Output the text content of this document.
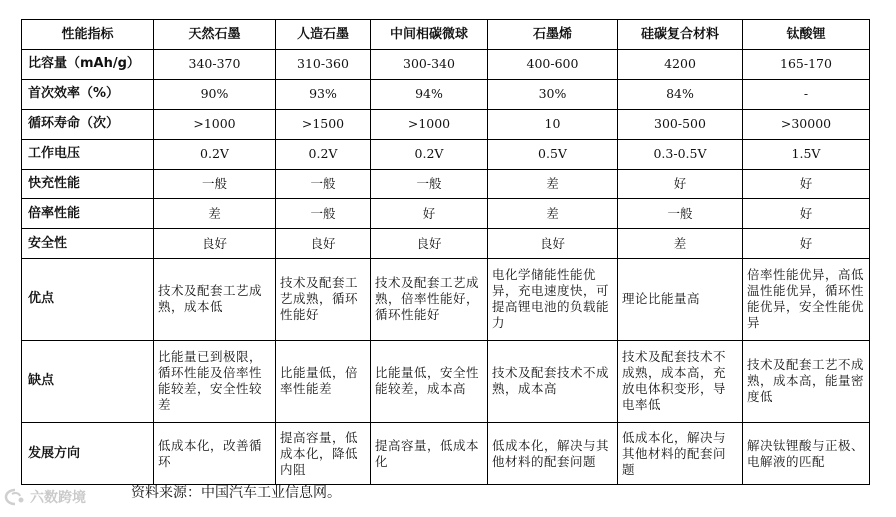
性能指标	天然石墨	人造石墨	中间相碳微球	石墨烯	硅碳复合材料	钛酸锂
比容量（mAh/g）	340-370	310-360	300-340	400-600	4200	165-170
首次效率（%）	90%	93%	94%	30%	84%	-
循环寿命（次）	>1000	>1500	>1000	10	300-500	>30000
工作电压	0.2V	0.2V	0.2V	0.5V	0.3-0.5V	1.5V
快充性能	一般	一般	一般	差	好	好
倍率性能	差	一般	好	差	一般	好
安全性	良好	良好	良好	良好	差	好
优点	技术及配套工艺成熟，成本低	技术及配套工艺成熟，循环性能好	技术及配套工艺成熟，倍率性能好，循环性能好	电化学储能性能优异，充电速度快，可提高锂电池的负载能力	理论比能量高	倍率性能优异，高低温性能优异，循环性能优异，安全性能优异
缺点	比能量已到极限，循环性能及倍率性能较差，安全性较差	比能量低，倍率性能差	比能量低，安全性能较差，成本高	技术及配套技术不成熟，成本高	技术及配套技术不成熟，成本高，充放电体积变形，导电率低	技术及配套工艺不成熟，成本高，能量密度低
发展方向	低成本化，改善循环	提高容量，低成本化，降低内阻	提高容量，低成本化	低成本化，解决与其他材料的配套问题	低成本化，解决与其他材料的配套问题	解决钛锂酸与正极、电解液的匹配
资料来源：中国汽车工业信息网。
六数跨境
